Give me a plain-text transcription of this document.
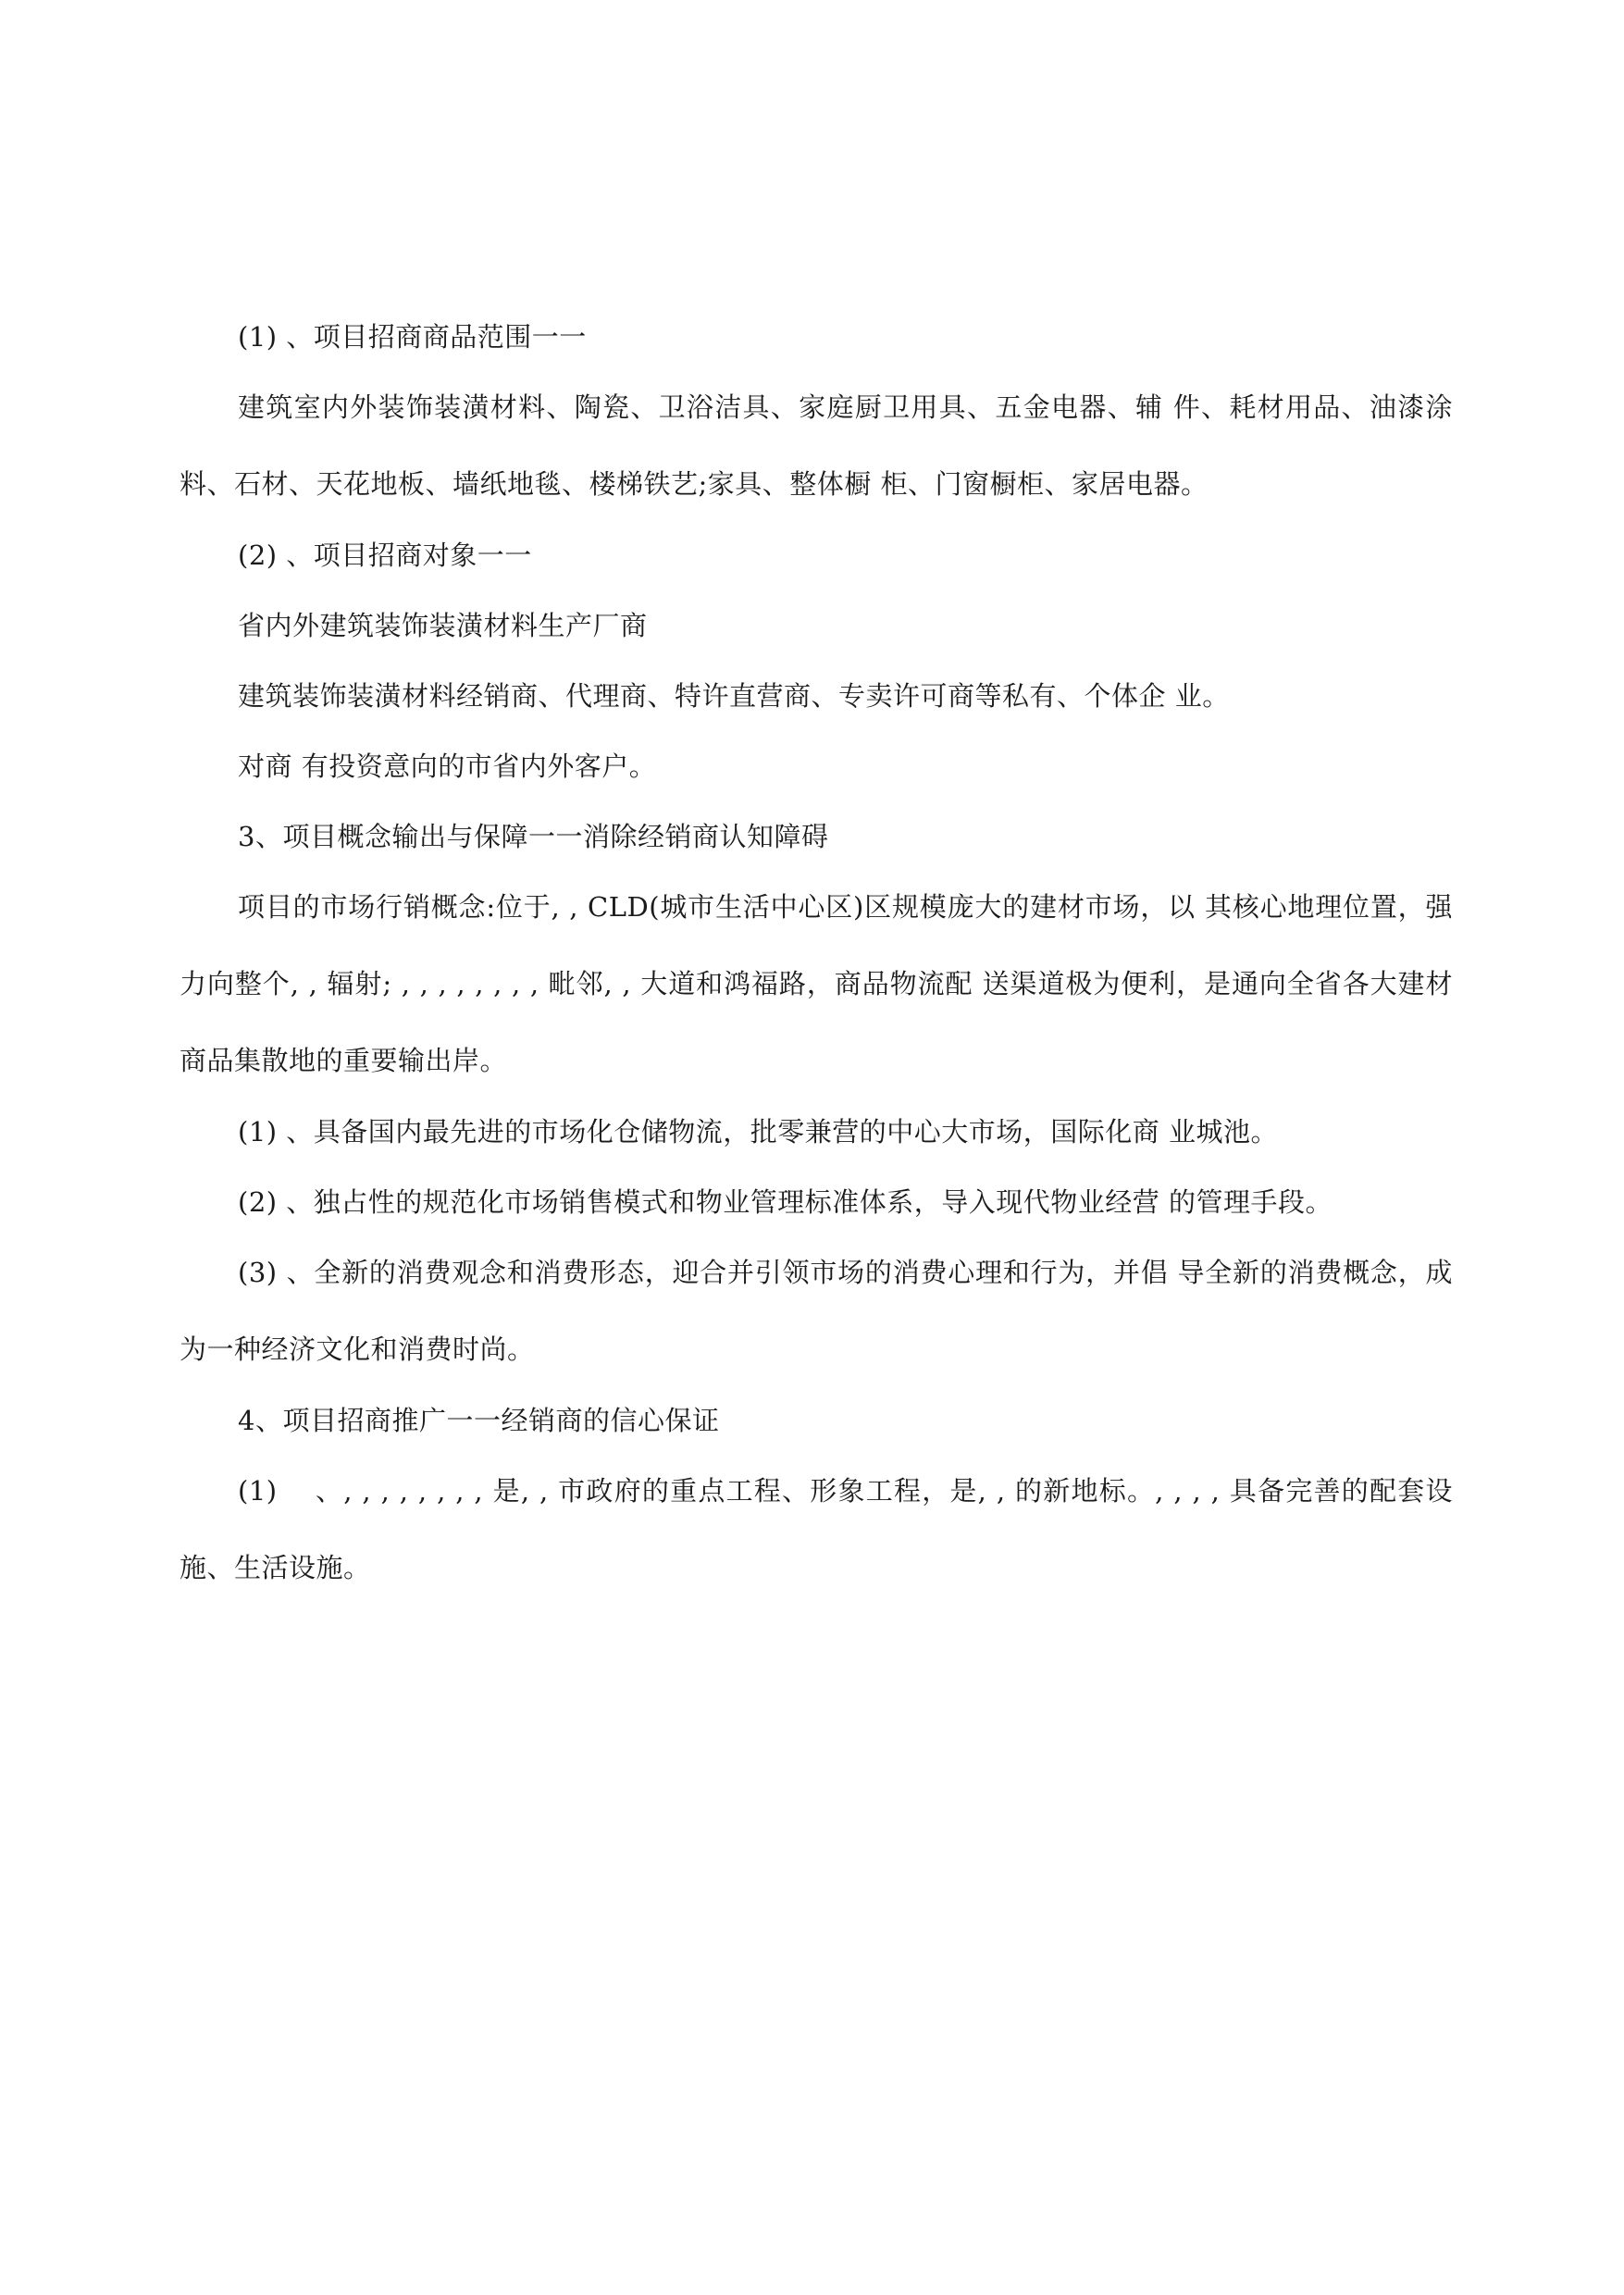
(1) 、项目招商商品范围一一

建筑室内外装饰装潢材料、陶瓷、卫浴洁具、家庭厨卫用具、五金电器、辅 件、耗材用品、油漆涂料、石材、天花地板、墙纸地毯、楼梯铁艺;家具、整体橱 柜、门窗橱柜、家居电器。

(2) 、项目招商对象一一

省内外建筑装饰装潢材料生产厂商

建筑装饰装潢材料经销商、代理商、特许直营商、专卖许可商等私有、个体企 业。

对商 有投资意向的市省内外客户。

3、项目概念输出与保障一一消除经销商认知障碍

项目的市场行销概念:位于, , CLD(城市生活中心区)区规模庞大的建材市场，以 其核心地理位置，强力向整个, , 辐射; , , , , , , , , 毗邻, , 大道和鸿福路，商品物流配 送渠道极为便利，是通向全省各大建材商品集散地的重要输出岸。

(1) 、具备国内最先进的市场化仓储物流，批零兼营的中心大市场，国际化商 业城池。

(2) 、独占性的规范化市场销售模式和物业管理标准体系，导入现代物业经营 的管理手段。

(3) 、全新的消费观念和消费形态，迎合并引领市场的消费心理和行为，并倡 导全新的消费概念，成为一种经济文化和消费时尚。

4、项目招商推广一一经销商的信心保证

(1)　 、, , , , , , , , 是, , 市政府的重点工程、形象工程，是, , 的新地标。, , , , 具备完善的配套设施、生活设施。
